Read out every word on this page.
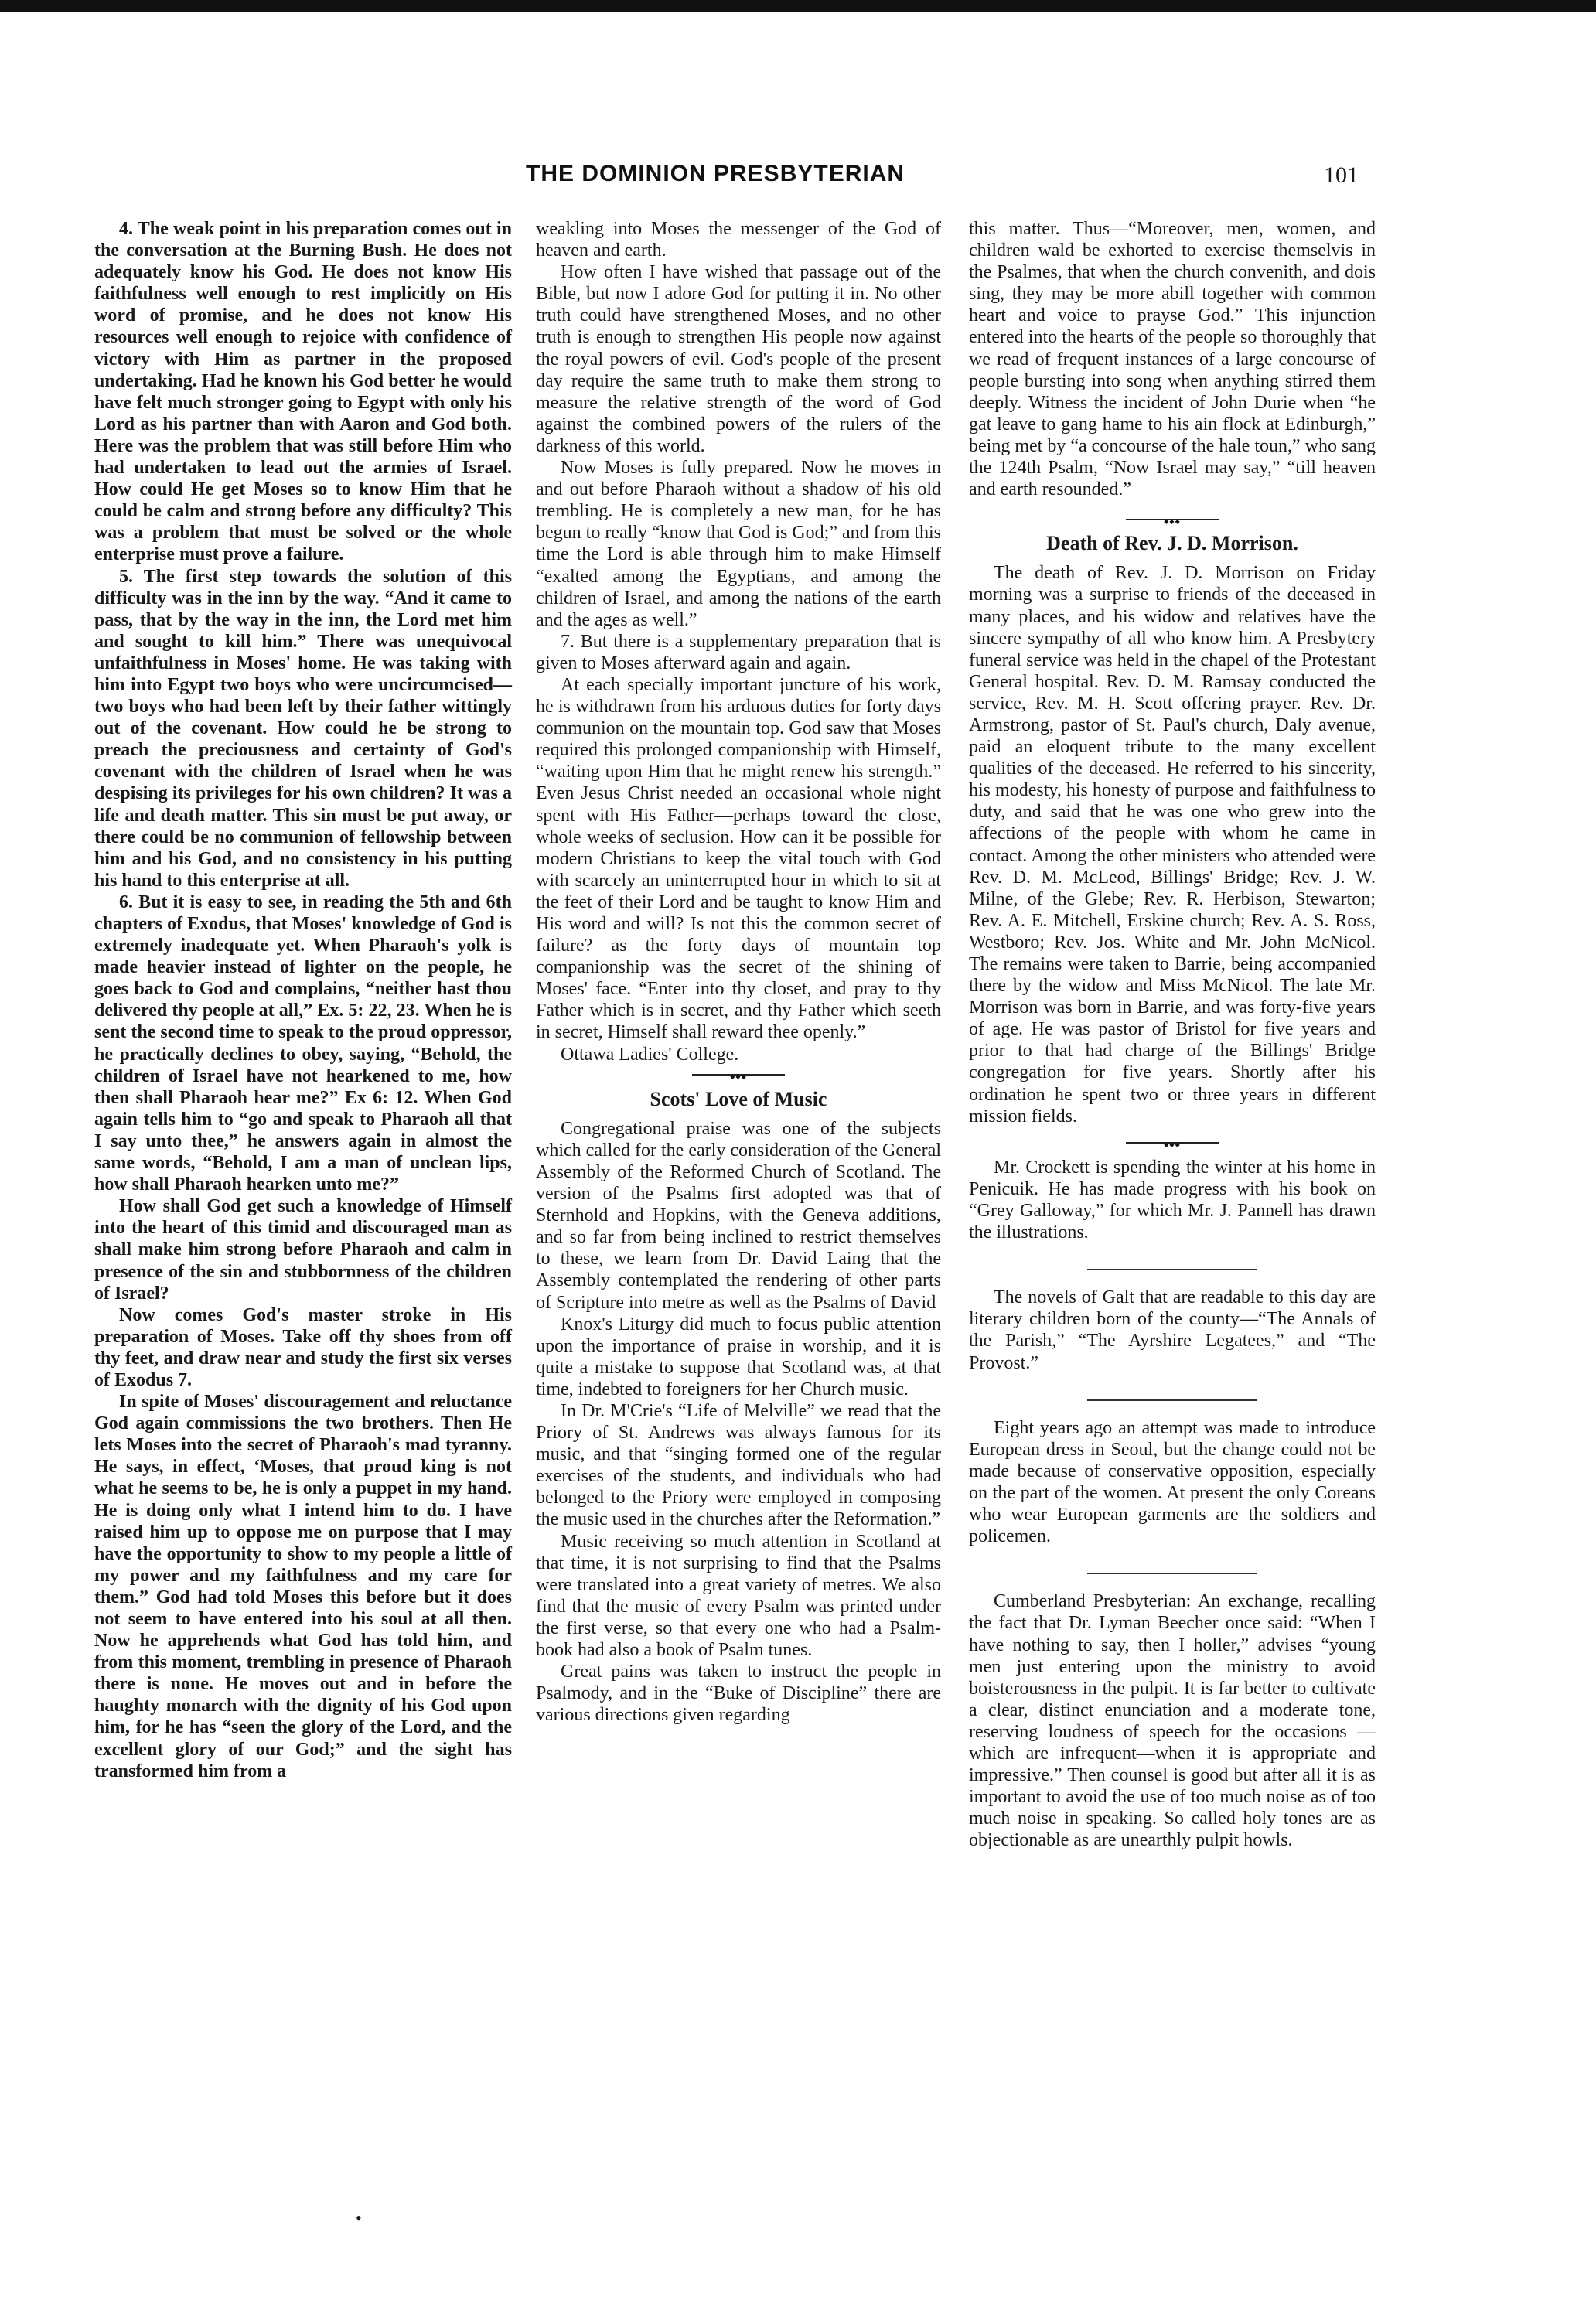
THE DOMINION PRESBYTERIAN	101

4. The weak point in his preparation comes out in the conversation at the Burning Bush. He does not adequately know his God. He does not know His faithfulness well enough to rest implicitly on His word of promise, and he does not know His resources well enough to rejoice with confidence of victory with Him as partner in the proposed undertaking. Had he known his God better he would have felt much stronger going to Egypt with only his Lord as his partner than with Aaron and God both. Here was the problem that was still before Him who had undertaken to lead out the armies of Israel. How could He get Moses so to know Him that he could be calm and strong before any difficulty? This was a problem that must be solved or the whole enterprise must prove a failure.

5. The first step towards the solution of this difficulty was in the inn by the way. “And it came to pass, that by the way in the inn, the Lord met him and sought to kill him.” There was unequivocal unfaithfulness in Moses' home. He was taking with him into Egypt two boys who were uncircumcised—two boys who had been left by their father wittingly out of the covenant. How could he be strong to preach the preciousness and certainty of God's covenant with the children of Israel when he was despising its privileges for his own children? It was a life and death matter. This sin must be put away, or there could be no communion of fellowship between him and his God, and no consistency in his putting his hand to this enterprise at all.

6. But it is easy to see, in reading the 5th and 6th chapters of Exodus, that Moses' knowledge of God is extremely inadequate yet. When Pharaoh's yolk is made heavier instead of lighter on the people, he goes back to God and complains, “neither hast thou delivered thy people at all,” Ex. 5: 22, 23. When he is sent the second time to speak to the proud oppressor, he practically declines to obey, saying, “Behold, the children of Israel have not hearkened to me, how then shall Pharaoh hear me?” Ex 6: 12. When God again tells him to “go and speak to Pharaoh all that I say unto thee,” he answers again in almost the same words, “Behold, I am a man of unclean lips, how shall Pharaoh hearken unto me?”

How shall God get such a knowledge of Himself into the heart of this timid and discouraged man as shall make him strong before Pharaoh and calm in presence of the sin and stubbornness of the children of Israel?

Now comes God's master stroke in His preparation of Moses. Take off thy shoes from off thy feet, and draw near and study the first six verses of Exodus 7.

In spite of Moses' discouragement and reluctance God again commissions the two brothers. Then He lets Moses into the secret of Pharaoh's mad tyranny. He says, in effect, ‘Moses, that proud king is not what he seems to be, he is only a puppet in my hand. He is doing only what I intend him to do. I have raised him up to oppose me on purpose that I may have the opportunity to show to my people a little of my power and my faithfulness and my care for them.” God had told Moses this before but it does not seem to have entered into his soul at all then. Now he apprehends what God has told him, and from this moment, trembling in presence of Pharaoh there is none. He moves out and in before the haughty monarch with the dignity of his God upon him, for he has “seen the glory of the Lord, and the excellent glory of our God;” and the sight has transformed him from a

weakling into Moses the messenger of the God of heaven and earth.

How often I have wished that passage out of the Bible, but now I adore God for putting it in. No other truth could have strengthened Moses, and no other truth is enough to strengthen His people now against the royal powers of evil. God's people of the present day require the same truth to make them strong to measure the relative strength of the word of God against the combined powers of the rulers of the darkness of this world.

Now Moses is fully prepared. Now he moves in and out before Pharaoh without a shadow of his old trembling. He is completely a new man, for he has begun to really “know that God is God;” and from this time the Lord is able through him to make Himself “exalted among the Egyptians, and among the children of Israel, and among the nations of the earth and the ages as well.”

7. But there is a supplementary preparation that is given to Moses afterward again and again.

At each specially important juncture of his work, he is withdrawn from his arduous duties for forty days communion on the mountain top. God saw that Moses required this prolonged companionship with Himself, “waiting upon Him that he might renew his strength.” Even Jesus Christ needed an occasional whole night spent with His Father—perhaps toward the close, whole weeks of seclusion. How can it be possible for modern Christians to keep the vital touch with God with scarcely an uninterrupted hour in which to sit at the feet of their Lord and be taught to know Him and His word and will? Is not this the common secret of failure? as the forty days of mountain top companionship was the secret of the shining of Moses' face. “Enter into thy closet, and pray to thy Father which is in secret, and thy Father which seeth in secret, Himself shall reward thee openly.”

Ottawa Ladies' College.

◆◆◆
Scots' Love of Music

Congregational praise was one of the subjects which called for the early consideration of the General Assembly of the Reformed Church of Scotland. The version of the Psalms first adopted was that of Sternhold and Hopkins, with the Geneva additions, and so far from being inclined to restrict themselves to these, we learn from Dr. David Laing that the Assembly contemplated the rendering of other parts of Scripture into metre as well as the Psalms of David

Knox's Liturgy did much to focus public attention upon the importance of praise in worship, and it is quite a mistake to suppose that Scotland was, at that time, indebted to foreigners for her Church music.

In Dr. M'Crie's “Life of Melville” we read that the Priory of St. Andrews was always famous for its music, and that “singing formed one of the regular exercises of the students, and individuals who had belonged to the Priory were employed in composing the music used in the churches after the Reformation.”

Music receiving so much attention in Scotland at that time, it is not surprising to find that the Psalms were translated into a great variety of metres. We also find that the music of every Psalm was printed under the first verse, so that every one who had a Psalm-book had also a book of Psalm tunes.

Great pains was taken to instruct the people in Psalmody, and in the “Buke of Discipline” there are various directions given regarding

this matter. Thus—“Moreover, men, women, and children wald be exhorted to exercise themselvis in the Psalmes, that when the church convenith, and dois sing, they may be more abill together with common heart and voice to prayse God.” This injunction entered into the hearts of the people so thoroughly that we read of frequent instances of a large concourse of people bursting into song when anything stirred them deeply. Witness the incident of John Durie when “he gat leave to gang hame to his ain flock at Edinburgh,” being met by “a concourse of the hale toun,” who sang the 124th Psalm, “Now Israel may say,” “till heaven and earth resounded.”

◆◆◆
Death of Rev. J. D. Morrison.

The death of Rev. J. D. Morrison on Friday morning was a surprise to friends of the deceased in many places, and his widow and relatives have the sincere sympathy of all who know him. A Presbytery funeral service was held in the chapel of the Protestant General hospital. Rev. D. M. Ramsay conducted the service, Rev. M. H. Scott offering prayer. Rev. Dr. Armstrong, pastor of St. Paul's church, Daly avenue, paid an eloquent tribute to the many excellent qualities of the deceased. He referred to his sincerity, his modesty, his honesty of purpose and faithfulness to duty, and said that he was one who grew into the affections of the people with whom he came in contact. Among the other ministers who attended were Rev. D. M. McLeod, Billings' Bridge; Rev. J. W. Milne, of the Glebe; Rev. R. Herbison, Stewarton; Rev. A. E. Mitchell, Erskine church; Rev. A. S. Ross, Westboro; Rev. Jos. White and Mr. John McNicol. The remains were taken to Barrie, being accompanied there by the widow and Miss McNicol. The late Mr. Morrison was born in Barrie, and was forty-five years of age. He was pastor of Bristol for five years and prior to that had charge of the Billings' Bridge congregation for five years. Shortly after his ordination he spent two or three years in different mission fields.

◆◆◆

Mr. Crockett is spending the winter at his home in Penicuik. He has made progress with his book on “Grey Galloway,” for which Mr. J. Pannell has drawn the illustrations.

The novels of Galt that are readable to this day are literary children born of the county—“The Annals of the Parish,” “The Ayrshire Legatees,” and “The Provost.”

Eight years ago an attempt was made to introduce European dress in Seoul, but the change could not be made because of conservative opposition, especially on the part of the women. At present the only Coreans who wear European garments are the soldiers and policemen.

Cumberland Presbyterian: An exchange, recalling the fact that Dr. Lyman Beecher once said: “When I have nothing to say, then I holler,” advises “young men just entering upon the ministry to avoid boisterousness in the pulpit. It is far better to cultivate a clear, distinct enunciation and a moderate tone, reserving loudness of speech for the occasions —which are infrequent—when it is appropriate and impressive.” Then counsel is good but after all it is as important to avoid the use of too much noise as of too much noise in speaking. So called holy tones are as objectionable as are unearthly pulpit howls.

•
